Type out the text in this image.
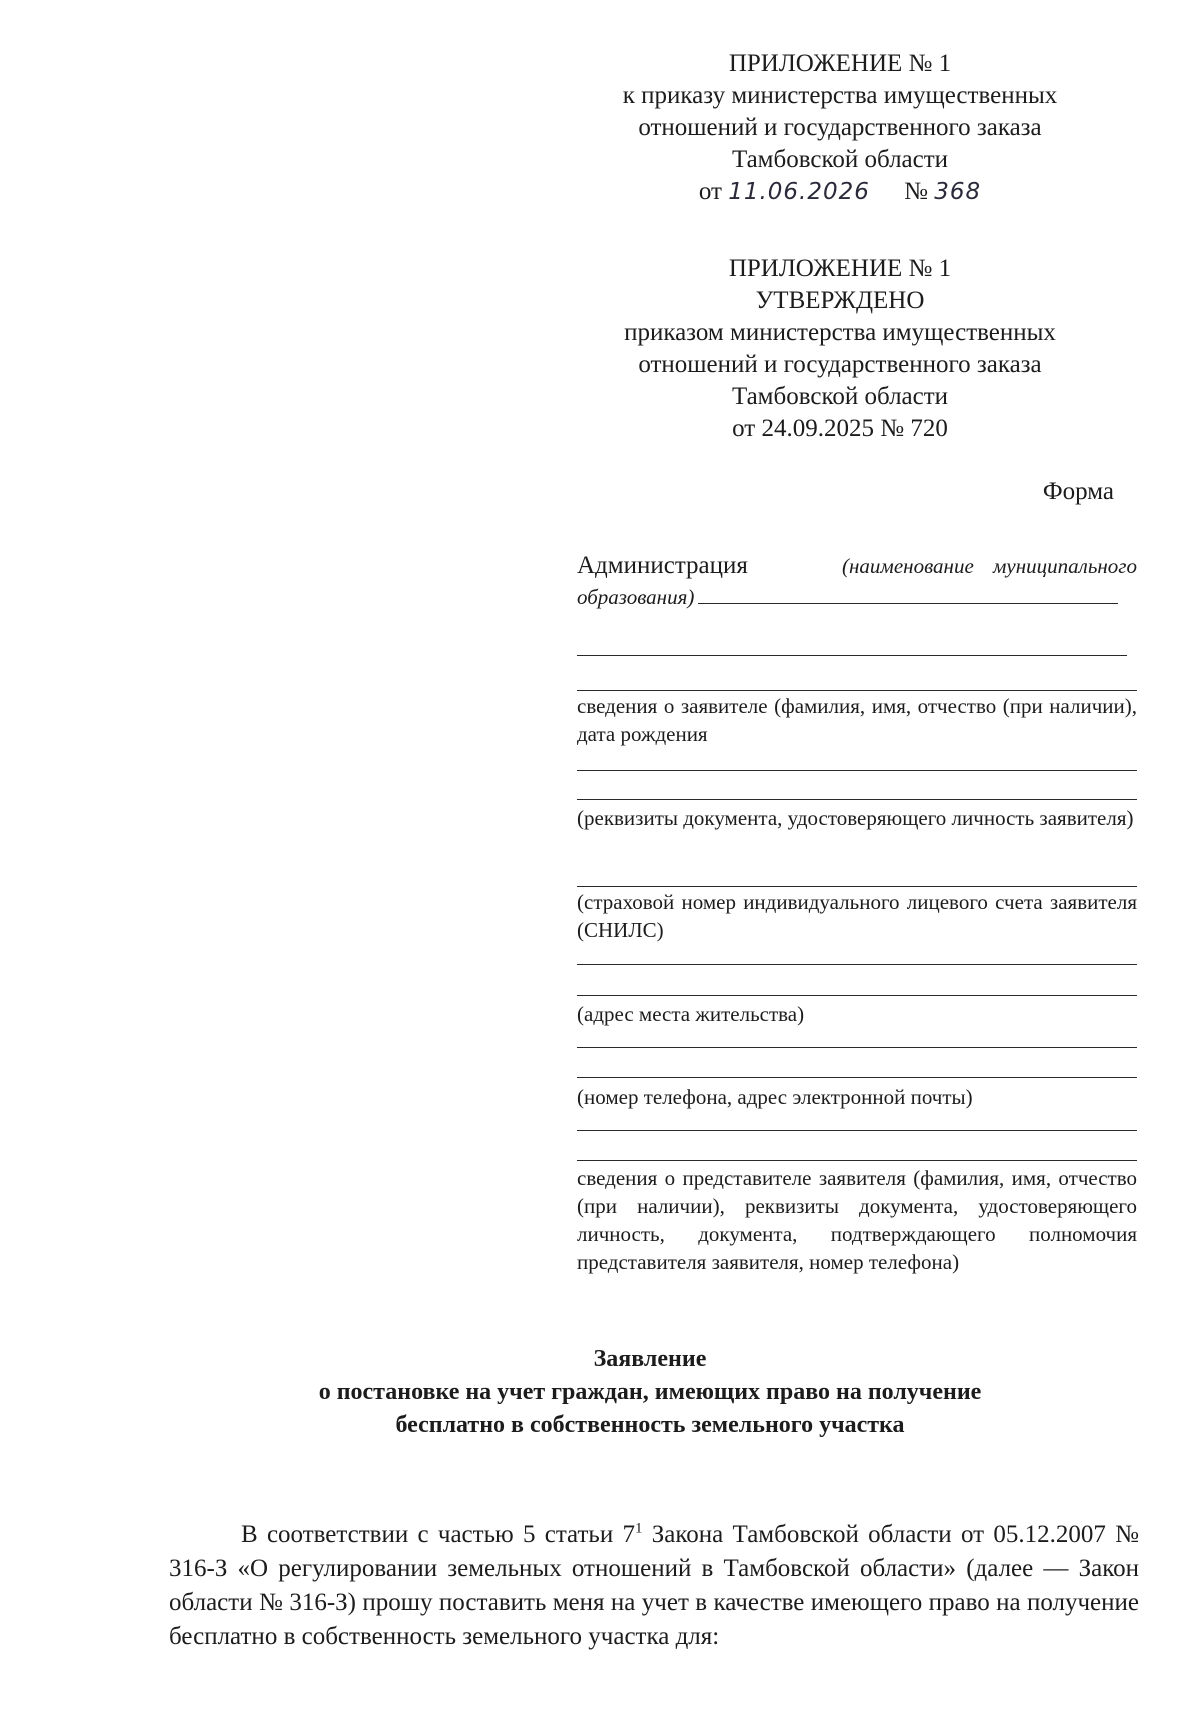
ПРИЛОЖЕНИЕ № 1
к приказу министерства имущественных
отношений и государственного заказа
Тамбовской области
от 11.06.2026 № 368
ПРИЛОЖЕНИЕ № 1
УТВЕРЖДЕНО
приказом министерства имущественных
отношений и государственного заказа
Тамбовской области
от 24.09.2025 № 720
Форма
Администрация	(наименование муниципального
образования)
сведения о заявителе (фамилия, имя, отчество (при наличии), дата рождения
(реквизиты документа, удостоверяющего личность заявителя)
(страховой номер индивидуального лицевого счета заявителя (СНИЛС)
(адрес места жительства)
(номер телефона, адрес электронной почты)
сведения о представителе заявителя (фамилия, имя, отчество (при наличии), реквизиты документа, удостоверяющего личность, документа, подтверждающего полномочия представителя заявителя, номер телефона)
Заявление
о постановке на учет граждан, имеющих право на получение
бесплатно в собственность земельного участка
В соответствии с частью 5 статьи $7^1$ Закона Тамбовской области от 05.12.2007 № 316-З «О регулировании земельных отношений в Тамбовской области» (далее — Закон области № 316-З) прошу поставить меня на учет в качестве имеющего право на получение бесплатно в собственность земельного участка для:
